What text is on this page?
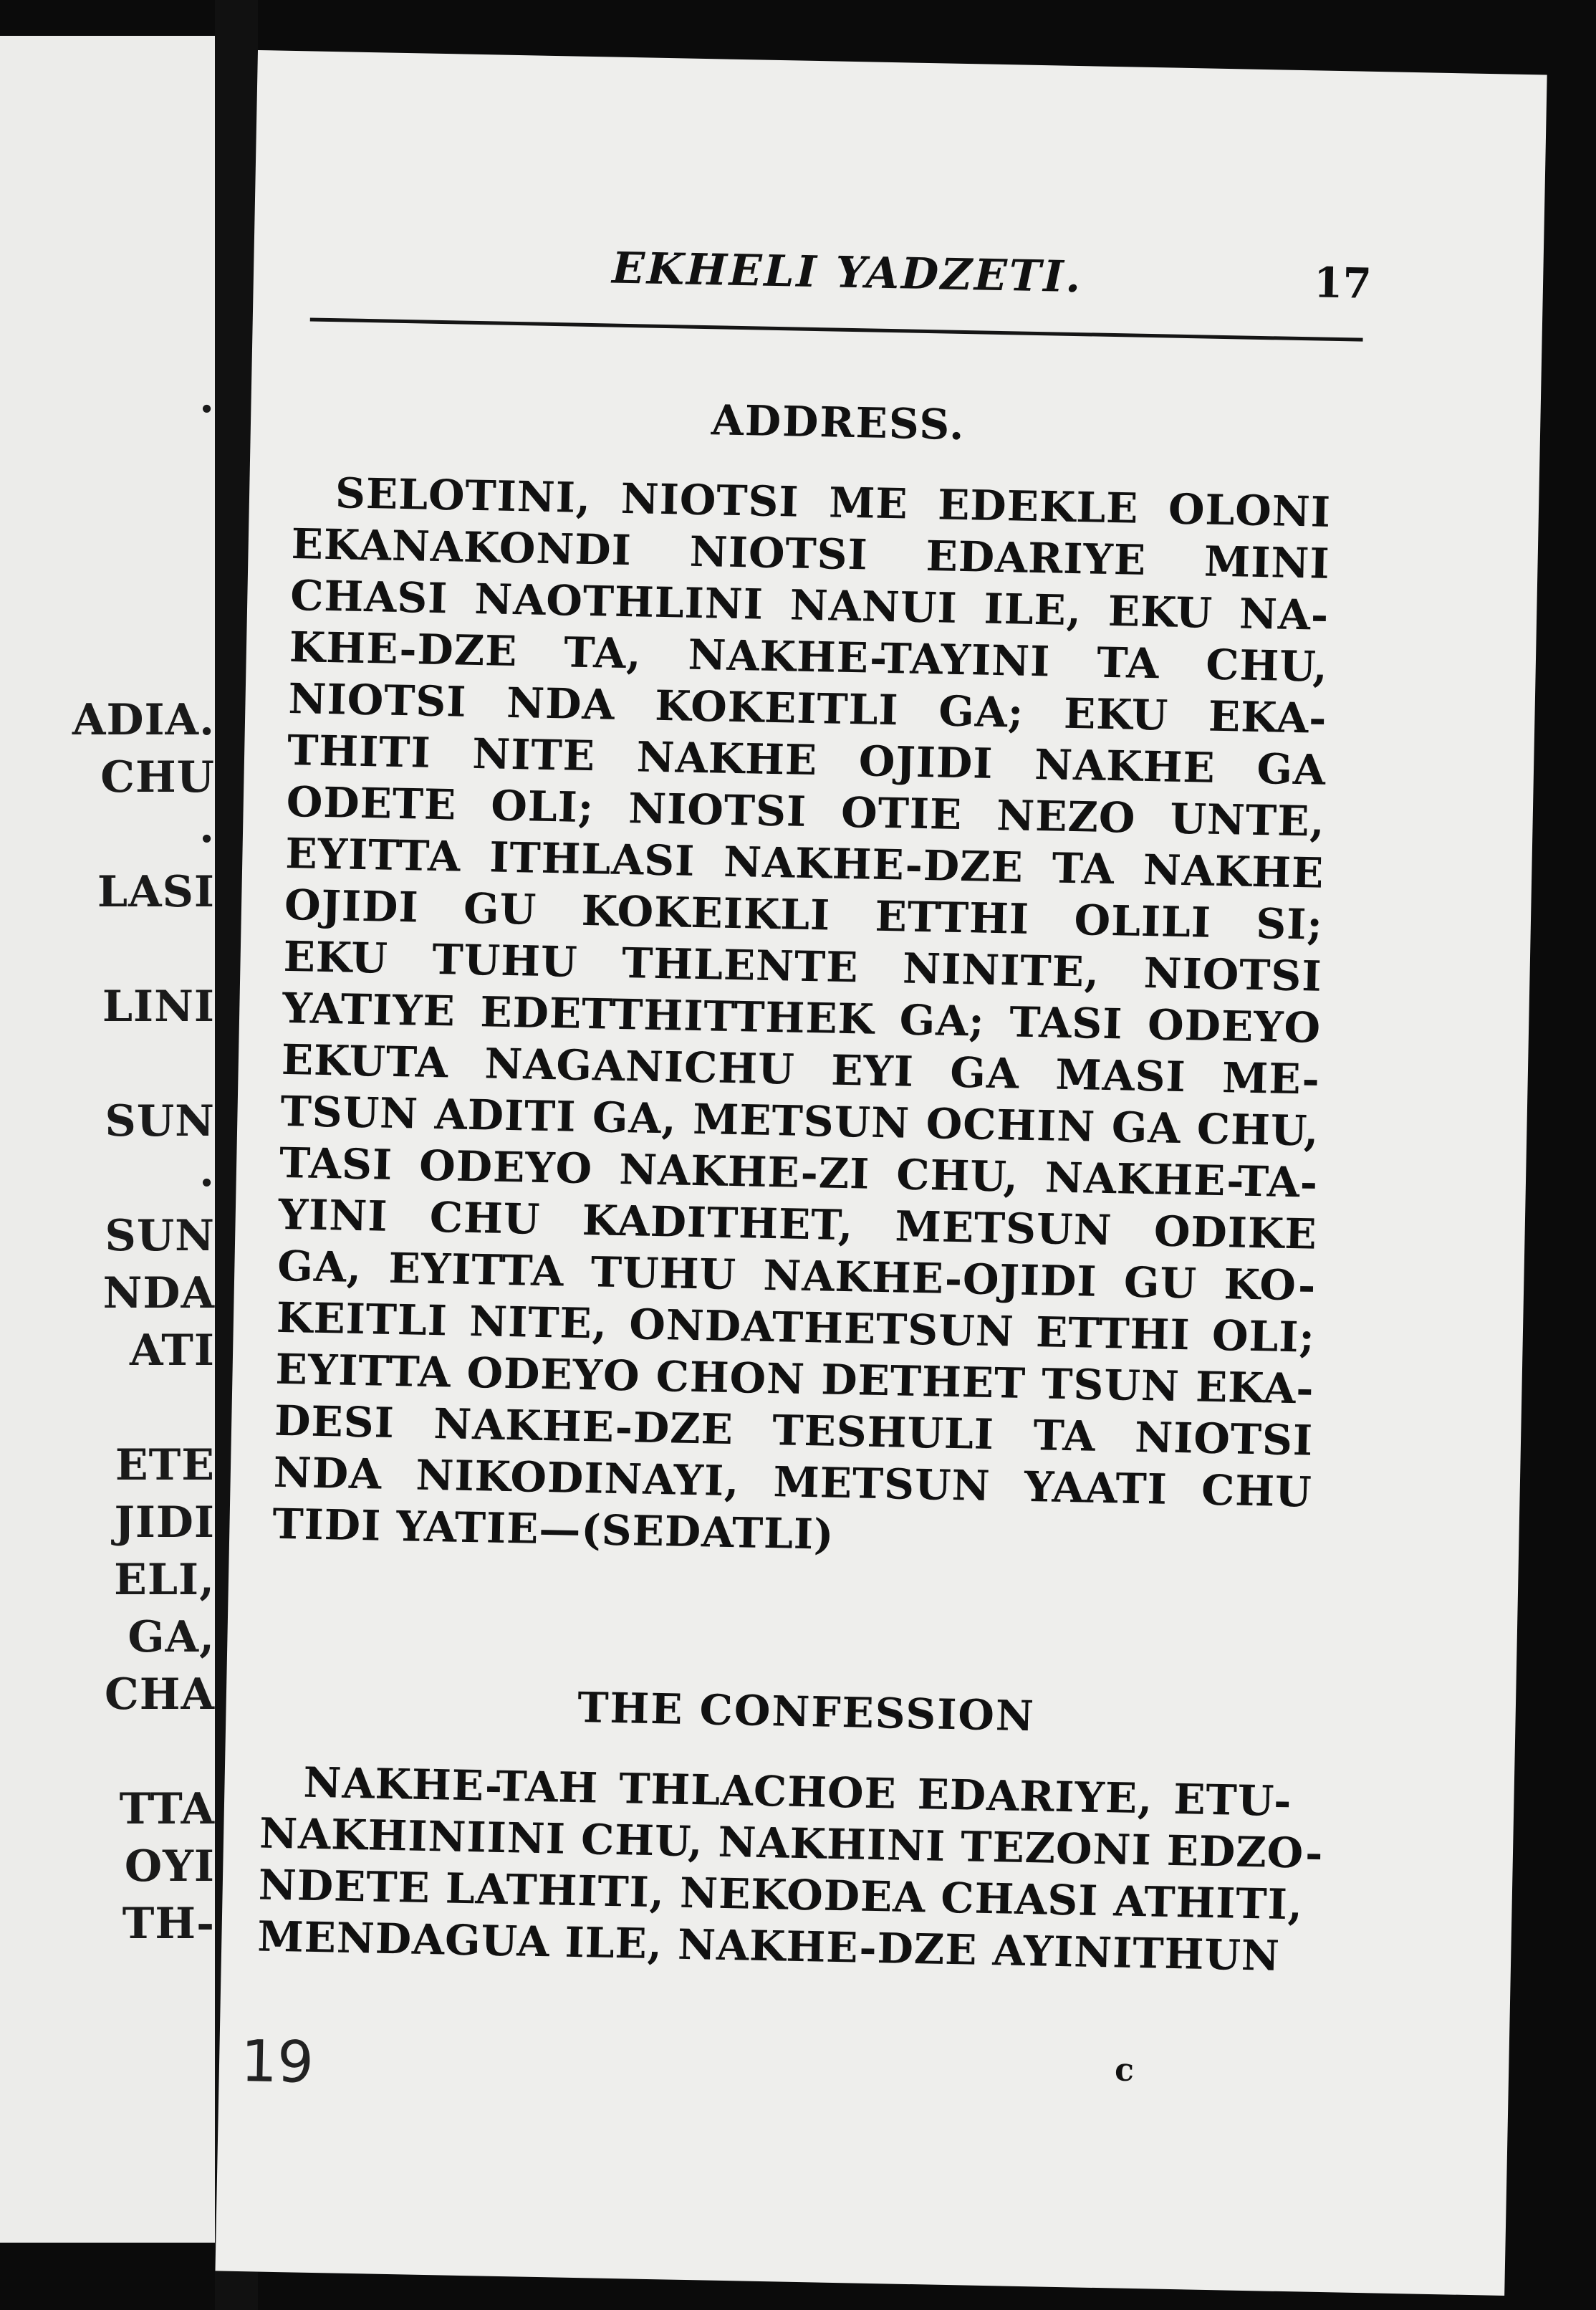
.
ADIA.
CHU
.
LASI
LINI
SUN
.
SUN
NDA
ATI
ETE
JIDI
ELI,
GA,
CHA
TTA
OYI
TH-
EKHELI YADZETI.	17
ADDRESS.
SELOTINI, NIOTSI ME EDEKLE OLONI
EKANAKONDI NIOTSI EDARIYE MINI
CHASI NAOTHLINI NANUI ILE, EKU NA-
KHE-DZE TA, NAKHE-TAYINI TA CHU,
NIOTSI NDA KOKEITLI GA; EKU EKA-
THITI NITE NAKHE OJIDI NAKHE GA
ODETE OLI; NIOTSI OTIE NEZO UNTE,
EYITTA ITHLASI NAKHE-DZE TA NAKHE
OJIDI GU KOKEIKLI ETTHI OLILI SI;
EKU TUHU THLENTE NINITE, NIOTSI
YATIYE EDETTHITTHEK GA; TASI ODEYO
EKUTA NAGANICHU EYI GA MASI ME-
TSUN ADITI GA, METSUN OCHIN GA CHU,
TASI ODEYO NAKHE-ZI CHU, NAKHE-TA-
YINI CHU KADITHET, METSUN ODIKE
GA, EYITTA TUHU NAKHE-OJIDI GU KO-
KEITLI NITE, ONDATHETSUN ETTHI OLI;
EYITTA ODEYO CHON DETHET TSUN EKA-
DESI NAKHE-DZE TESHULI TA NIOTSI
NDA NIKODINAYI, METSUN YAATI CHU
TIDI YATIE—(SEDATLI)
THE CONFESSION
NAKHE-TAH THLACHOE EDARIYE, ETU-
NAKHINIINI CHU, NAKHINI TEZONI EDZO-
NDETE LATHITI, NEKODEA CHASI ATHITI,
MENDAGUA ILE, NAKHE-DZE AYINITHUN
19	c
